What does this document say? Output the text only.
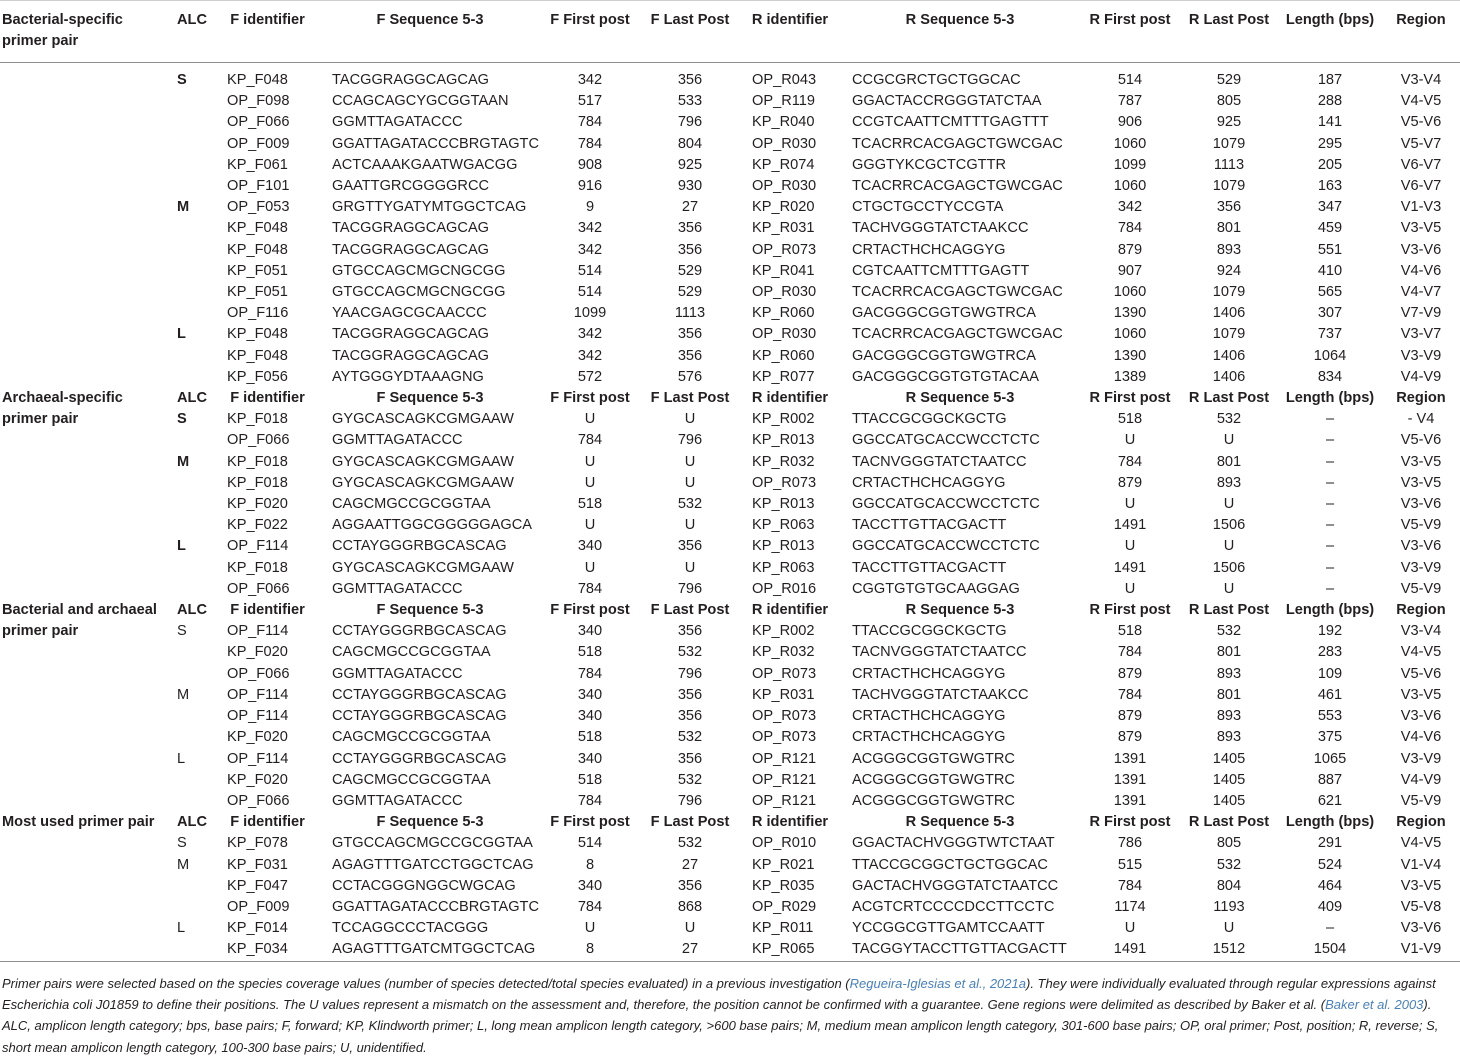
Bacterial-specific primer pair	ALC	F identifier	F Sequence 5-3	F First post	F Last Post	R identifier	R Sequence 5-3	R First post	R Last Post	Length (bps)	Region
	S	KP_F048	TACGGRAGGCAGCAG	342	356	OP_R043	CCGCGRCTGCTGGCAC	514	529	187	V3-V4
		OP_F098	CCAGCAGCYGCGGTAAN	517	533	OP_R119	GGACTACCRGGGTATCTAA	787	805	288	V4-V5
		OP_F066	GGMTTAGATACCC	784	796	KP_R040	CCGTCAATTCMTTTGAGTTT	906	925	141	V5-V6
		OP_F009	GGATTAGATACCCBRGTAGTC	784	804	OP_R030	TCACRRCACGAGCTGWCGAC	1060	1079	295	V5-V7
		KP_F061	ACTCAAAKGAATWGACGG	908	925	KP_R074	GGGTYKCGCTCGTTR	1099	1113	205	V6-V7
		OP_F101	GAATTGRCGGGGRCC	916	930	OP_R030	TCACRRCACGAGCTGWCGAC	1060	1079	163	V6-V7
	M	OP_F053	GRGTTYGATYMTGGCTCAG	9	27	KP_R020	CTGCTGCCTYCCGTA	342	356	347	V1-V3
		KP_F048	TACGGRAGGCAGCAG	342	356	KP_R031	TACHVGGGTATCTAAKCC	784	801	459	V3-V5
		KP_F048	TACGGRAGGCAGCAG	342	356	OP_R073	CRTACTHCHCAGGYG	879	893	551	V3-V6
		KP_F051	GTGCCAGCMGCNGCGG	514	529	KP_R041	CGTCAATTCMTTTGAGTT	907	924	410	V4-V6
		KP_F051	GTGCCAGCMGCNGCGG	514	529	OP_R030	TCACRRCACGAGCTGWCGAC	1060	1079	565	V4-V7
		OP_F116	YAACGAGCGCAACCC	1099	1113	KP_R060	GACGGGCGGTGWGTRCA	1390	1406	307	V7-V9
	L	KP_F048	TACGGRAGGCAGCAG	342	356	OP_R030	TCACRRCACGAGCTGWCGAC	1060	1079	737	V3-V7
		KP_F048	TACGGRAGGCAGCAG	342	356	KP_R060	GACGGGCGGTGWGTRCA	1390	1406	1064	V3-V9
		KP_F056	AYTGGGYDTAAAGNG	572	576	KP_R077	GACGGGCGGTGTGTACAA	1389	1406	834	V4-V9
Archaeal-specific primer pair	ALC	F identifier	F Sequence 5-3	F First post	F Last Post	R identifier	R Sequence 5-3	R First post	R Last Post	Length (bps)	Region
	S	KP_F018	GYGCASCAGKCGMGAAW	U	U	KP_R002	TTACCGCGGCKGCTG	518	532	–	- V4
		OP_F066	GGMTTAGATACCC	784	796	KP_R013	GGCCATGCACCWCCTCTC	U	U	–	V5-V6
	M	KP_F018	GYGCASCAGKCGMGAAW	U	U	KP_R032	TACNVGGGTATCTAATCC	784	801	–	V3-V5
		KP_F018	GYGCASCAGKCGMGAAW	U	U	OP_R073	CRTACTHCHCAGGYG	879	893	–	V3-V5
		KP_F020	CAGCMGCCGCGGTAA	518	532	KP_R013	GGCCATGCACCWCCTCTC	U	U	–	V3-V6
		KP_F022	AGGAATTGGCGGGGGAGCA	U	U	KP_R063	TACCTTGTTACGACTT	1491	1506	–	V5-V9
	L	OP_F114	CCTAYGGGRBGCASCAG	340	356	KP_R013	GGCCATGCACCWCCTCTC	U	U	–	V3-V6
		KP_F018	GYGCASCAGKCGMGAAW	U	U	KP_R063	TACCTTGTTACGACTT	1491	1506	–	V3-V9
		OP_F066	GGMTTAGATACCC	784	796	OP_R016	CGGTGTGTGCAAGGAG	U	U	–	V5-V9
Bacterial and archaeal primer pair	ALC	F identifier	F Sequence 5-3	F First post	F Last Post	R identifier	R Sequence 5-3	R First post	R Last Post	Length (bps)	Region
	S	OP_F114	CCTAYGGGRBGCASCAG	340	356	KP_R002	TTACCGCGGCKGCTG	518	532	192	V3-V4
		KP_F020	CAGCMGCCGCGGTAA	518	532	KP_R032	TACNVGGGTATCTAATCC	784	801	283	V4-V5
		OP_F066	GGMTTAGATACCC	784	796	OP_R073	CRTACTHCHCAGGYG	879	893	109	V5-V6
	M	OP_F114	CCTAYGGGRBGCASCAG	340	356	KP_R031	TACHVGGGTATCTAAKCC	784	801	461	V3-V5
		OP_F114	CCTAYGGGRBGCASCAG	340	356	OP_R073	CRTACTHCHCAGGYG	879	893	553	V3-V6
		KP_F020	CAGCMGCCGCGGTAA	518	532	OP_R073	CRTACTHCHCAGGYG	879	893	375	V4-V6
	L	OP_F114	CCTAYGGGRBGCASCAG	340	356	OP_R121	ACGGGCGGTGWGTRC	1391	1405	1065	V3-V9
		KP_F020	CAGCMGCCGCGGTAA	518	532	OP_R121	ACGGGCGGTGWGTRC	1391	1405	887	V4-V9
		OP_F066	GGMTTAGATACCC	784	796	OP_R121	ACGGGCGGTGWGTRC	1391	1405	621	V5-V9
Most used primer pair	ALC	F identifier	F Sequence 5-3	F First post	F Last Post	R identifier	R Sequence 5-3	R First post	R Last Post	Length (bps)	Region
	S	KP_F078	GTGCCAGCMGCCGCGGTAA	514	532	OP_R010	GGACTACHVGGGTWTCTAAT	786	805	291	V4-V5
	M	KP_F031	AGAGTTTGATCCTGGCTCAG	8	27	KP_R021	TTACCGCGGCTGCTGGCAC	515	532	524	V1-V4
		KP_F047	CCTACGGGNGGCWGCAG	340	356	KP_R035	GACTACHVGGGTATCTAATCC	784	804	464	V3-V5
		OP_F009	GGATTAGATACCCBRGTAGTC	784	868	OP_R029	ACGTCRTCCCCDCCTTCCTC	1174	1193	409	V5-V8
	L	KP_F014	TCCAGGCCCTACGGG	U	U	KP_R011	YCCGGCGTTGAMTCCAATT	U	U	–	V3-V6
		KP_F034	AGAGTTTGATCMTGGCTCAG	8	27	KP_R065	TACGGYTACCTTGTTACGACTT	1491	1512	1504	V1-V9
Primer pairs were selected based on the species coverage values (number of species detected/total species evaluated) in a previous investigation (Regueira-Iglesias et al., 2021a). They were individually evaluated through regular expressions against Escherichia coli J01859 to define their positions. The U values represent a mismatch on the assessment and, therefore, the position cannot be confirmed with a guarantee. Gene regions were delimited as described by Baker et al. (Baker et al. 2003). ALC, amplicon length category; bps, base pairs; F, forward; KP, Klindworth primer; L, long mean amplicon length category, >600 base pairs; M, medium mean amplicon length category, 301-600 base pairs; OP, oral primer; Post, position; R, reverse; S, short mean amplicon length category, 100-300 base pairs; U, unidentified.
